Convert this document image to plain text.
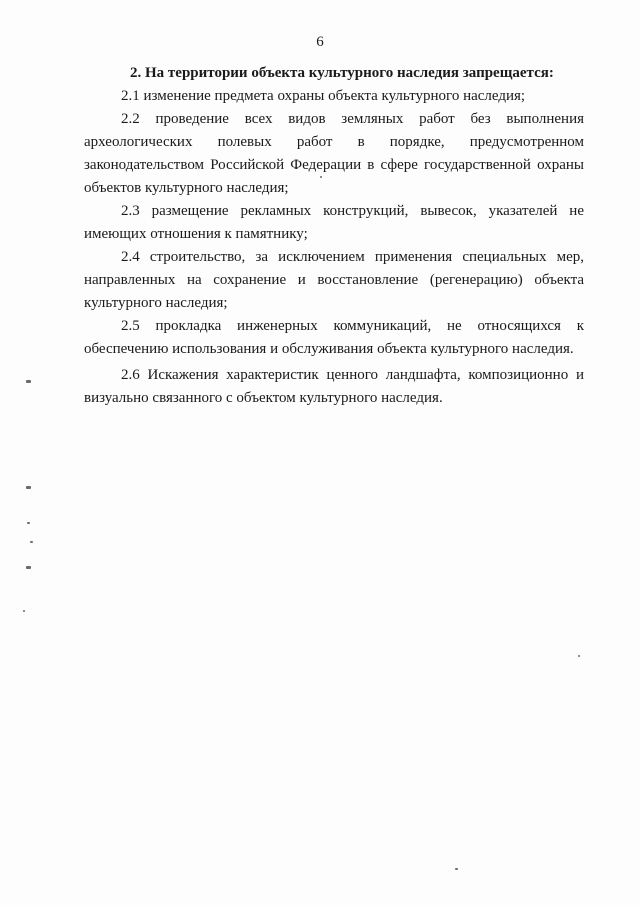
6

2. На территории объекта культурного наследия запрещается:

2.1 изменение предмета охраны объекта культурного наследия;

2.2 проведение всех видов земляных работ без выполнения археологических полевых работ в порядке, предусмотренном законодательством Российской Федерации в сфере государственной охраны объектов культурного наследия;

2.3 размещение рекламных конструкций, вывесок, указателей не имеющих отношения к памятнику;

2.4 строительство, за исключением применения специальных мер, направленных на сохранение и восстановление (регенерацию) объекта культурного наследия;

2.5 прокладка инженерных коммуникаций, не относящихся к обеспечению использования и обслуживания объекта культурного наследия.

2.6 Искажения характеристик ценного ландшафта, композиционно и визуально связанного с объектом культурного наследия.
